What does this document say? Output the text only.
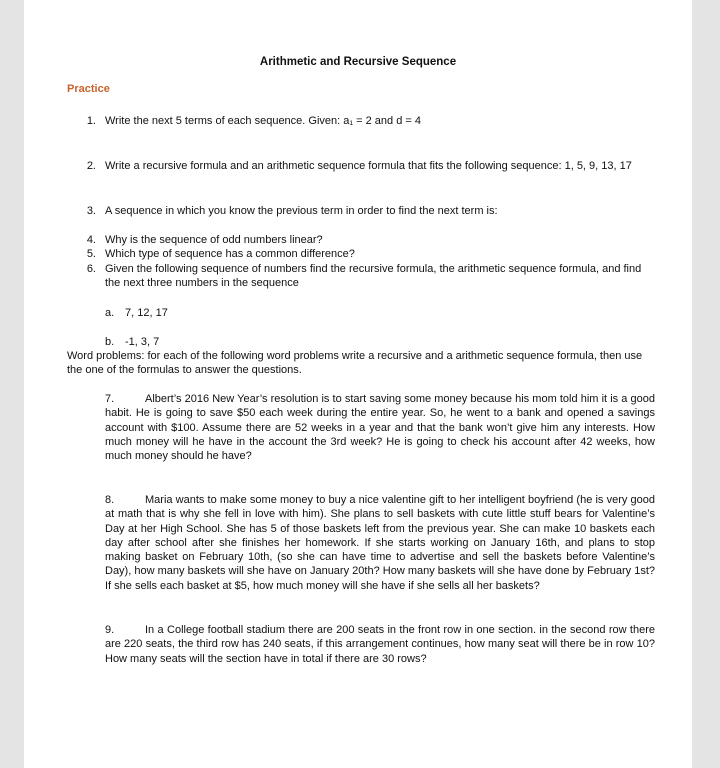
Arithmetic and Recursive Sequence
Practice
1. Write the next 5 terms of each sequence. Given: a₁ = 2 and d = 4
2. Write a recursive formula and an arithmetic sequence formula that fits the following sequence: 1, 5, 9, 13, 17
3. A sequence in which you know the previous term in order to find the next term is:
4. Why is the sequence of odd numbers linear?
5. Which type of sequence has a common difference?
6. Given the following sequence of numbers find the recursive formula, the arithmetic sequence formula, and find the next three numbers in the sequence
a. 7, 12, 17
b. -1, 3, 7
Word problems: for each of the following word problems write a recursive and a arithmetic sequence formula, then use the one of the formulas to answer the questions.
7.	Albert’s 2016 New Year’s resolution is to start saving some money because his mom told him it is a good habit. He is going to save $50 each week during the entire year. So, he went to a bank and opened a savings account with $100. Assume there are 52 weeks in a year and that the bank won’t give him any interests. How much money will he have in the account the 3rd week? He is going to check his account after 42 weeks, how much money should he have?
8.	Maria wants to make some money to buy a nice valentine gift to her intelligent boyfriend (he is very good at math that is why she fell in love with him). She plans to sell baskets with cute little stuff bears for Valentine’s Day at her High School. She has 5 of those baskets left from the previous year. She can make 10 baskets each day after school after she finishes her homework. If she starts working on January 16th, and plans to stop making basket on February 10th, (so she can have time to advertise and sell the baskets before Valentine’s Day), how many baskets will she have on January 20th? How many baskets will she have done by February 1st? If she sells each basket at $5, how much money will she have if she sells all her baskets?
9.	In a College football stadium there are 200 seats in the front row in one section. in the second row there are 220 seats, the third row has 240 seats, if this arrangement continues, how many seat will there be in row 10? How many seats will the section have in total if there are 30 rows?
